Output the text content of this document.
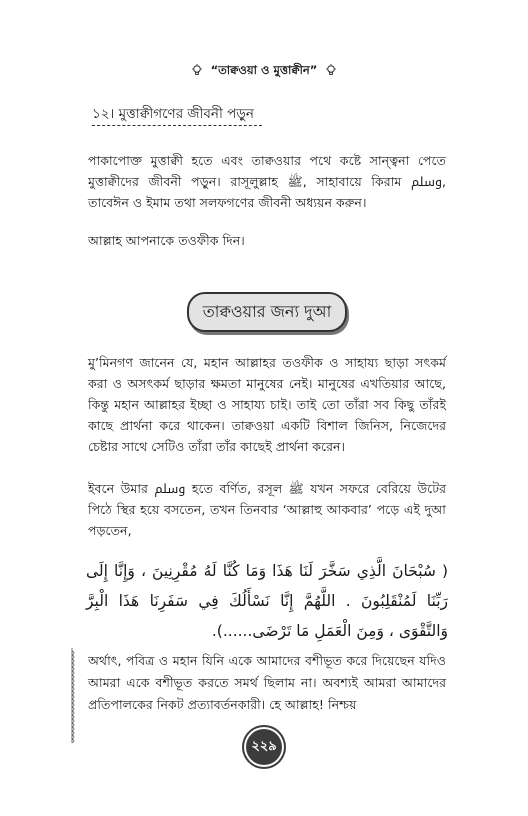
“তাক্বওয়া ও মুত্তাক্বীন”
১২। মুত্তাক্বীগণের জীবনী পড়ুন

পাকাপোক্ত মুত্তাক্বী হতে এবং তাক্বওয়ার পথে কষ্টে সান্ত্বনা পেতে মুত্তাক্বীদের জীবনী পড়ুন। রাসূলুল্লাহ ﷺ, সাহাবায়ে কিরাম ﷸ, তাবেঈন ও ইমাম তথা সলফগণের জীবনী অধ্যয়ন করুন।

আল্লাহ আপনাকে তওফীক দিন।

তাক্বওয়ার জন্য দুআ

মু’মিনগণ জানেন যে, মহান আল্লাহর তওফীক ও সাহায্য ছাড়া সৎকর্ম করা ও অসৎকর্ম ছাড়ার ক্ষমতা মানুষের নেই। মানুষের এখতিয়ার আছে, কিন্তু মহান আল্লাহর ইচ্ছা ও সাহায্য চাই। তাই তো তাঁরা সব কিছু তাঁরই কাছে প্রার্থনা করে থাকেন। তাক্বওয়া একটি বিশাল জিনিস, নিজেদের চেষ্টার সাথে সেটিও তাঁরা তাঁর কাছেই প্রার্থনা করেন।

ইবনে উমার ﷸ হতে বর্ণিত, রসূল ﷺ যখন সফরে বেরিয়ে উটের পিঠে স্থির হয়ে বসতেন, তখন তিনবার ‘আল্লাহু আকবার’ পড়ে এই দুআ পড়তেন,

( سُبْحَانَ الَّذِي سَخَّرَ لَنَا هَذَا وَمَا كُنَّا لَهُ مُقْرِنِينَ ، وَإِنَّا إِلَى رَبِّنَا لَمُنْقَلِبُونَ . اللَّهُمَّ إِنَّا نَسْأَلُكَ فِي سَفَرِنَا هَذَا الْبِرَّ وَالتَّقْوَى ، وَمِنَ الْعَمَلِ مَا تَرْضَى......).

অর্থাৎ, পবিত্র ও মহান যিনি একে আমাদের বশীভূত করে দিয়েছেন যদিও আমরা একে বশীভূত করতে সমর্থ ছিলাম না। অবশ্যই আমরা আমাদের প্রতিপালকের নিকট প্রত্যাবর্তনকারী। হে আল্লাহ! নিশ্চয়

২২৯
